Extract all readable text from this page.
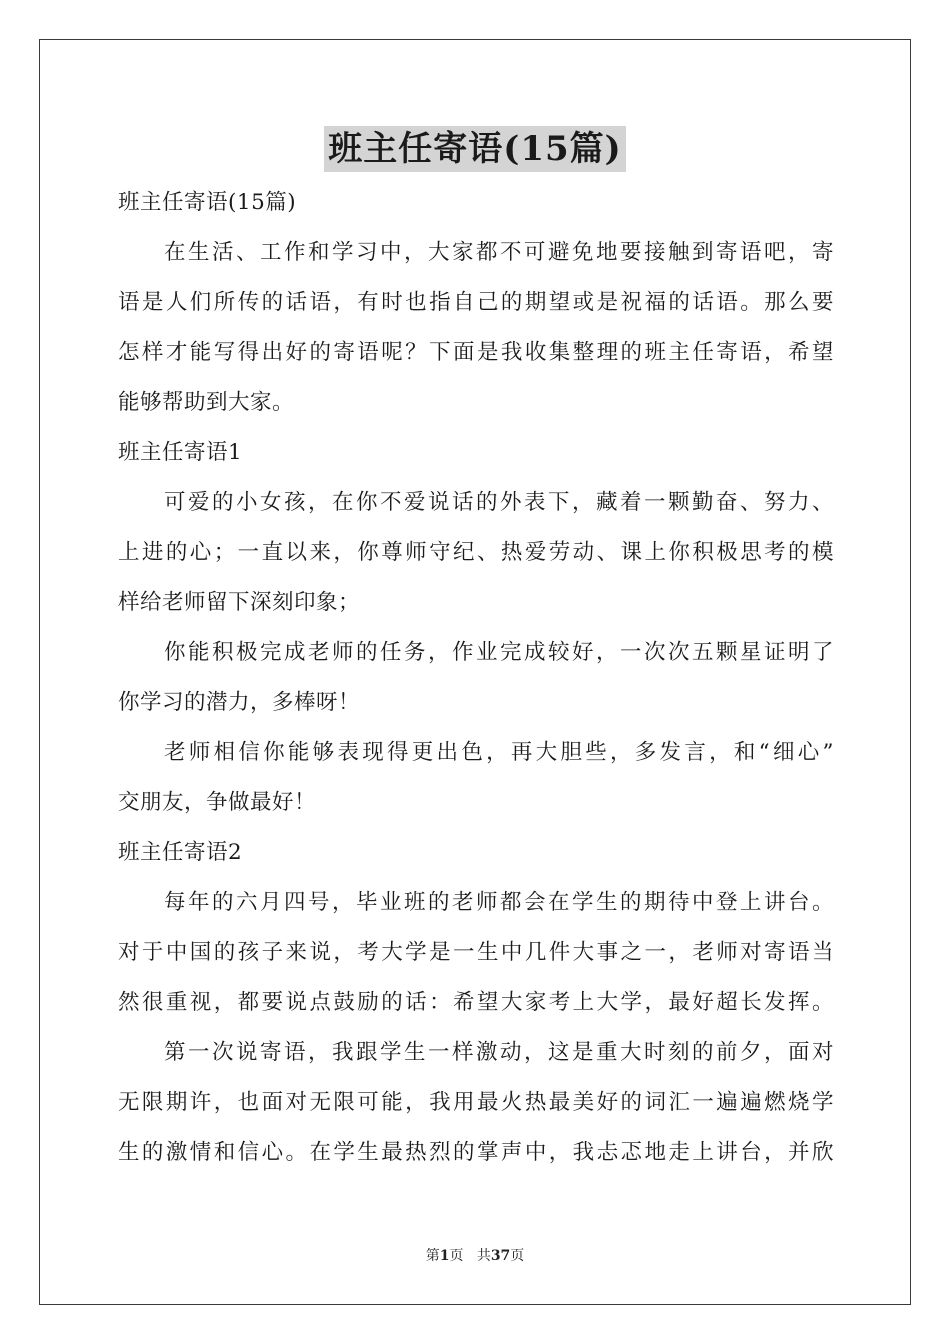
班主任寄语(15篇)
班主任寄语(15篇)
在生活、工作和学习中，大家都不可避免地要接触到寄语吧，寄
语是人们所传的话语，有时也指自己的期望或是祝福的话语。那么要
怎样才能写得出好的寄语呢？下面是我收集整理的班主任寄语，希望
能够帮助到大家。
班主任寄语1
可爱的小女孩，在你不爱说话的外表下，藏着一颗勤奋、努力、
上进的心；一直以来，你尊师守纪、热爱劳动、课上你积极思考的模
样给老师留下深刻印象；
你能积极完成老师的任务，作业完成较好，一次次五颗星证明了
你学习的潜力，多棒呀！
老师相信你能够表现得更出色，再大胆些，多发言，和“细心”
交朋友，争做最好！
班主任寄语2
每年的六月四号，毕业班的老师都会在学生的期待中登上讲台。
对于中国的孩子来说，考大学是一生中几件大事之一，老师对寄语当
然很重视，都要说点鼓励的话：希望大家考上大学，最好超长发挥。
第一次说寄语，我跟学生一样激动，这是重大时刻的前夕，面对
无限期许，也面对无限可能，我用最火热最美好的词汇一遍遍燃烧学
生的激情和信心。在学生最热烈的掌声中，我忐忑地走上讲台，并欣
第1页 共37页
